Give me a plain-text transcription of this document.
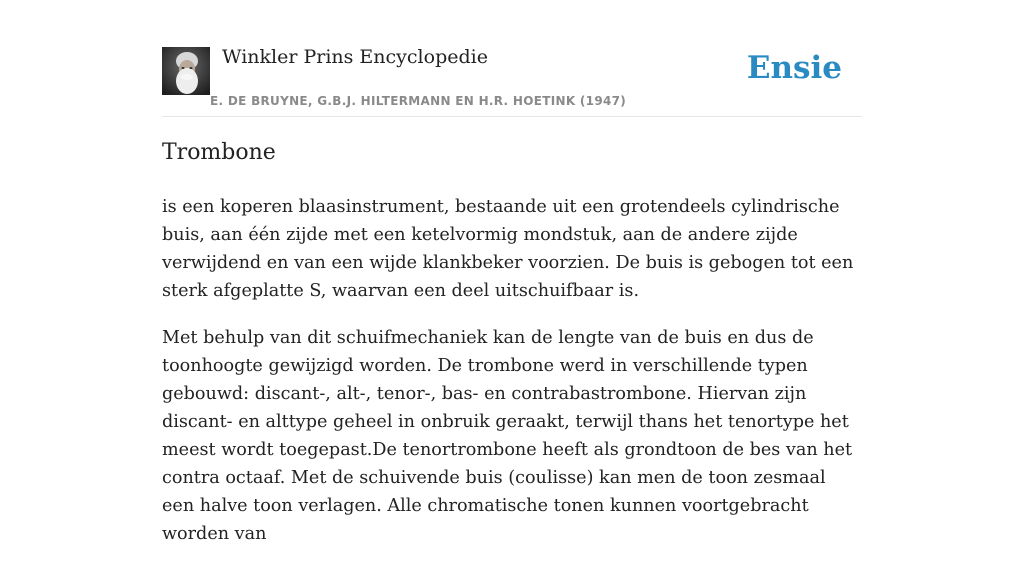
Winkler Prins Encyclopedie
E. DE BRUYNE, G.B.J. HILTERMANN EN H.R. HOETINK (1947)
Ensie
Trombone

is een koperen blaasinstrument, bestaande uit een grotendeels cylindrische buis, aan één zijde met een ketelvormig mondstuk, aan de andere zijde verwijdend en van een wijde klankbeker voorzien. De buis is gebogen tot een sterk afgeplatte S, waarvan een deel uitschuifbaar is.

Met behulp van dit schuifmechaniek kan de lengte van de buis en dus de toonhoogte gewijzigd worden. De trombone werd in verschillende typen gebouwd: discant-, alt-, tenor-, bas- en contrabastrombone. Hiervan zijn discant- en alttype geheel in onbruik geraakt, terwijl thans het tenortype het meest wordt toegepast.De tenortrombone heeft als grondtoon de bes van het contra octaaf. Met de schuivende buis (coulisse) kan men de toon zesmaal een halve toon verlagen. Alle chromatische tonen kunnen voortgebracht worden van
